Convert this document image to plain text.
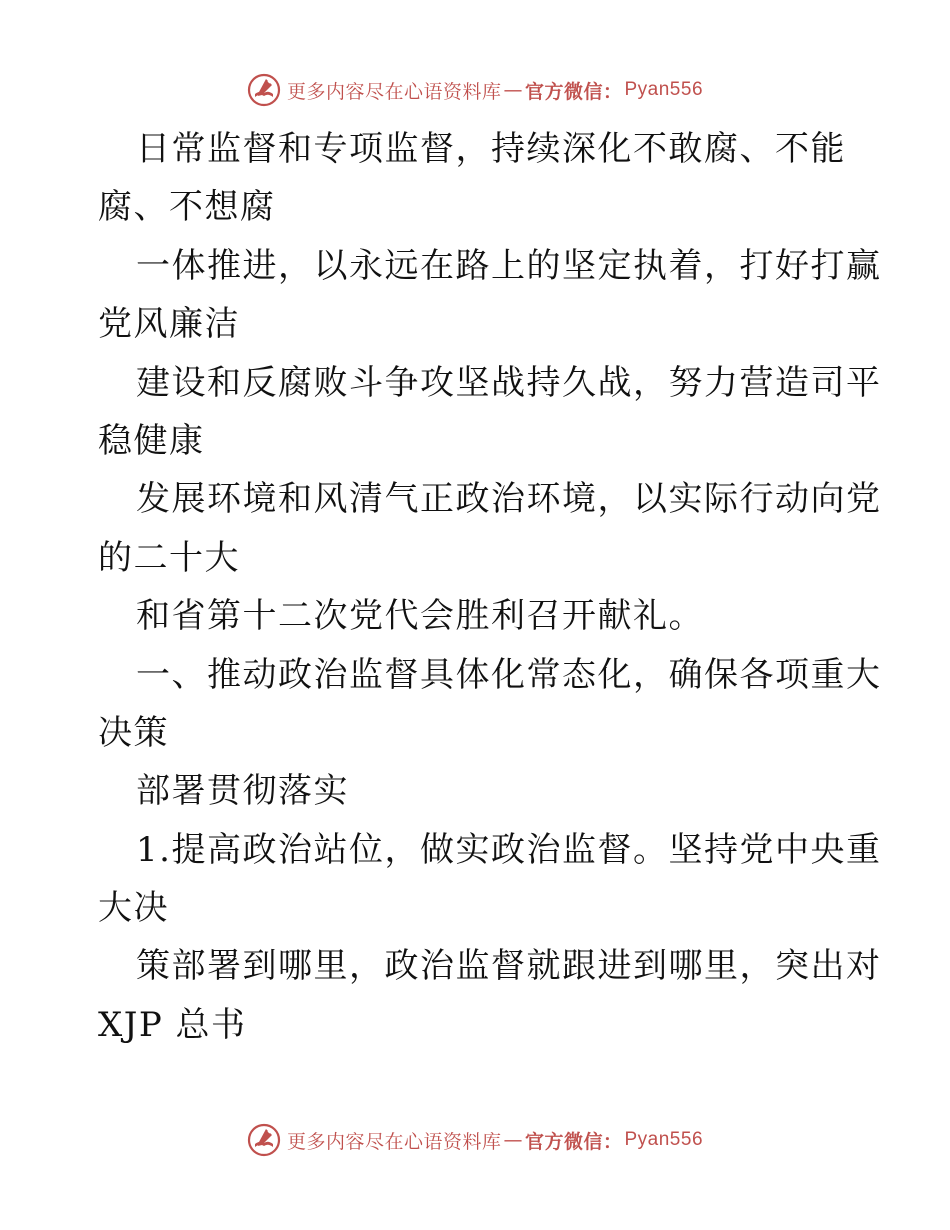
更多内容尽在心语资料库 — 官方微信： Pyan556
日常监督和专项监督，持续深化不敢腐、不能
腐、不想腐
一体推进，以永远在路上的坚定执着，打好打赢
党风廉洁
建设和反腐败斗争攻坚战持久战，努力营造司平
稳健康
发展环境和风清气正政治环境，以实际行动向党
的二十大
和省第十二次党代会胜利召开献礼。
一、推动政治监督具体化常态化，确保各项重大
决策
部署贯彻落实
1.提高政治站位，做实政治监督。坚持党中央重
大决
策部署到哪里，政治监督就跟进到哪里，突出对
XJP 总书
更多内容尽在心语资料库 — 官方微信： Pyan556
